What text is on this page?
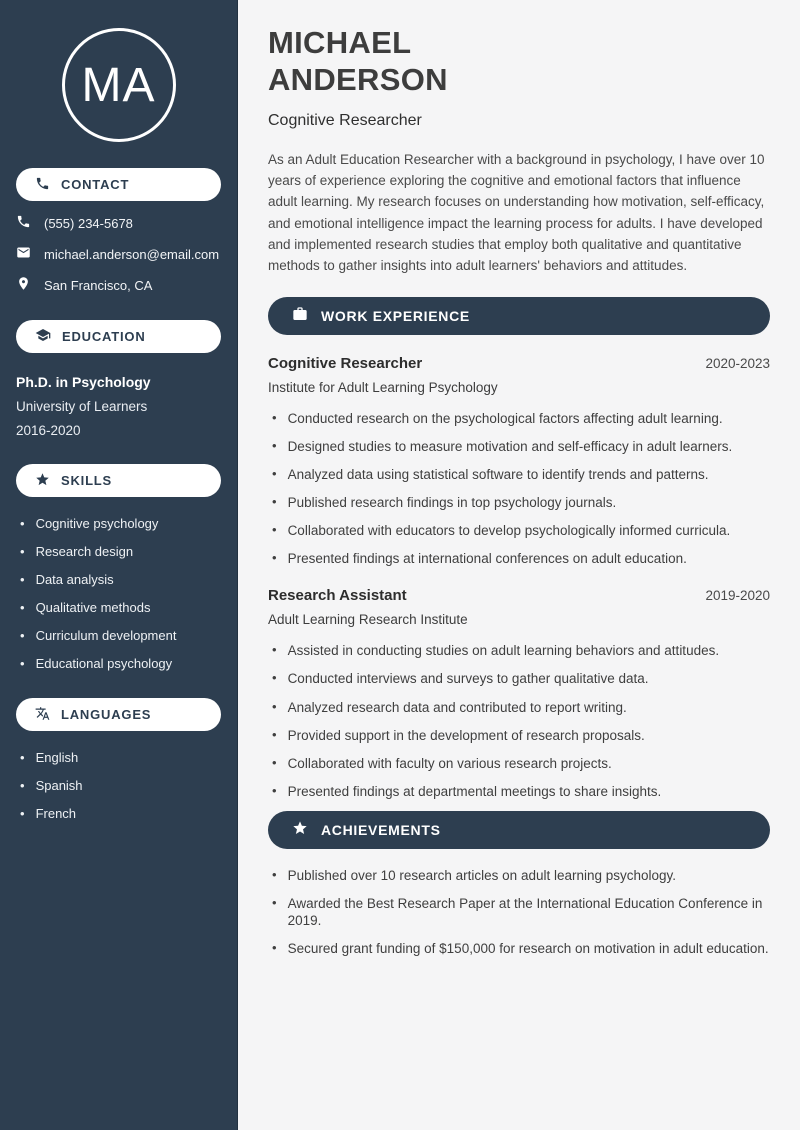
MA
CONTACT
(555) 234-5678
michael.anderson@email.com
San Francisco, CA
EDUCATION
Ph.D. in Psychology
University of Learners
2016-2020
SKILLS
• Cognitive psychology
• Research design
• Data analysis
• Qualitative methods
• Curriculum development
• Educational psychology
LANGUAGES
• English
• Spanish
• French
MICHAEL
ANDERSON
Cognitive Researcher

As an Adult Education Researcher with a background in psychology, I have over 10 years of experience exploring the cognitive and emotional factors that influence adult learning. My research focuses on understanding how motivation, self-efficacy, and emotional intelligence impact the learning process for adults. I have developed and implemented research studies that employ both qualitative and quantitative methods to gather insights into adult learners' behaviors and attitudes.

WORK EXPERIENCE
Cognitive Researcher	2020-2023
Institute for Adult Learning Psychology
• Conducted research on the psychological factors affecting adult learning.
• Designed studies to measure motivation and self-efficacy in adult learners.
• Analyzed data using statistical software to identify trends and patterns.
• Published research findings in top psychology journals.
• Collaborated with educators to develop psychologically informed curricula.
• Presented findings at international conferences on adult education.
Research Assistant	2019-2020
Adult Learning Research Institute
• Assisted in conducting studies on adult learning behaviors and attitudes.
• Conducted interviews and surveys to gather qualitative data.
• Analyzed research data and contributed to report writing.
• Provided support in the development of research proposals.
• Collaborated with faculty on various research projects.
• Presented findings at departmental meetings to share insights.
ACHIEVEMENTS
• Published over 10 research articles on adult learning psychology.
• Awarded the Best Research Paper at the International Education Conference in 2019.
• Secured grant funding of $150,000 for research on motivation in adult education.
